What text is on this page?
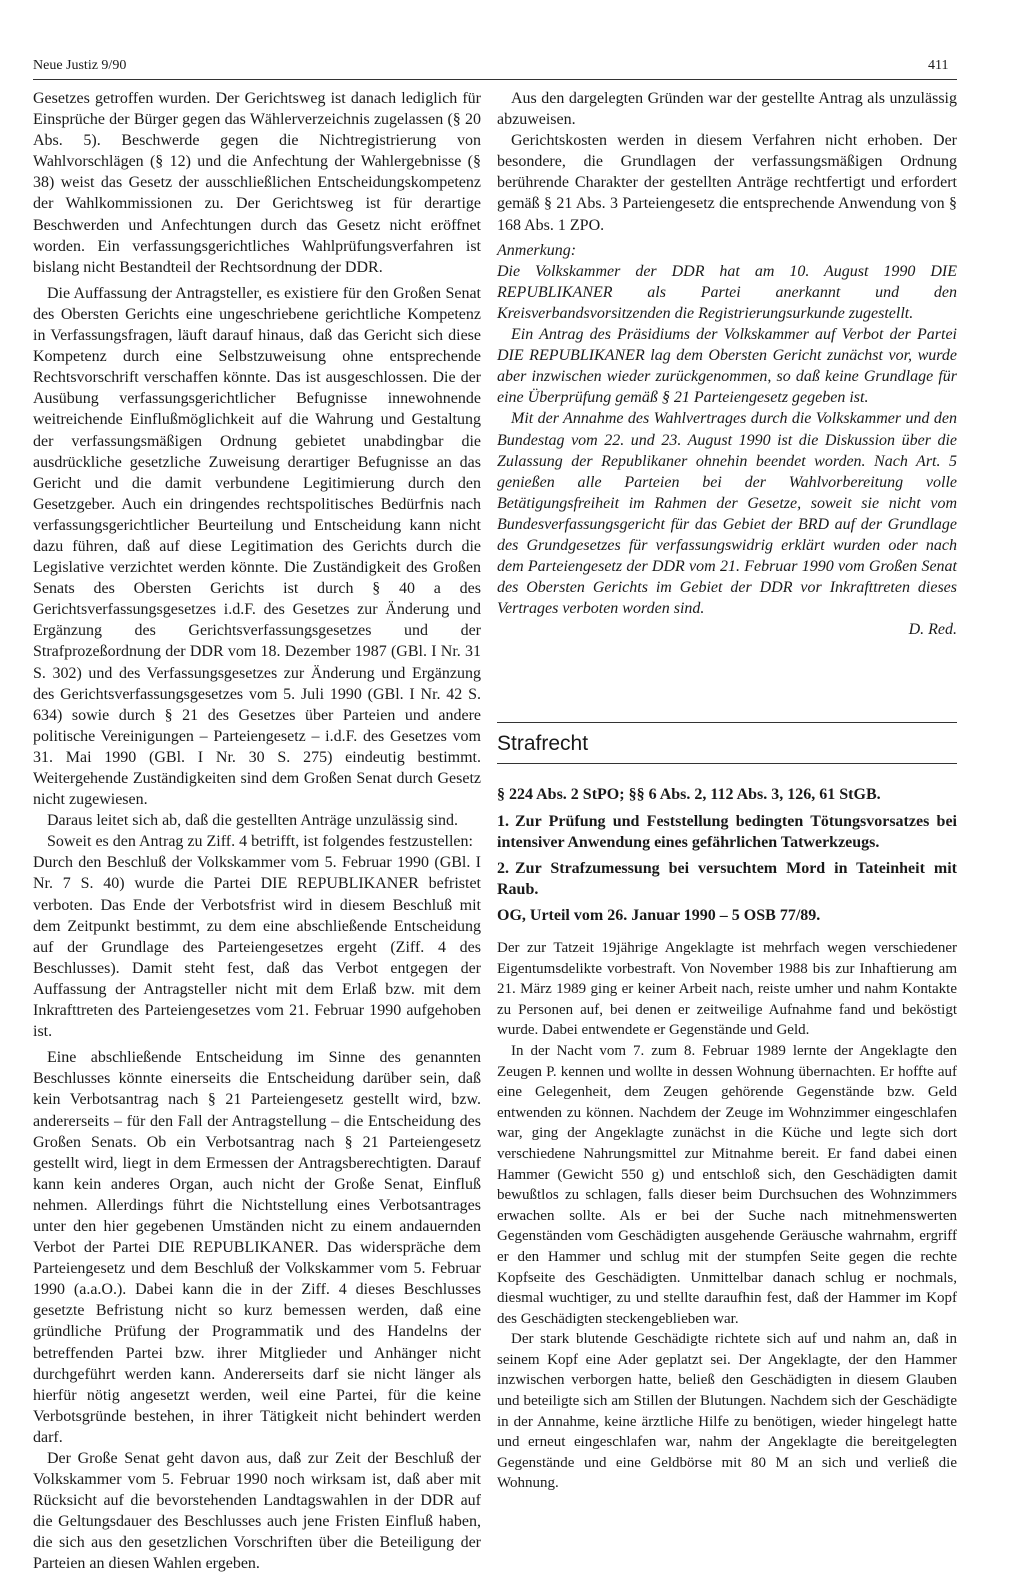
Neue Justiz 9/90	411

Gesetzes getroffen wurden. Der Gerichtsweg ist danach lediglich für Einsprüche der Bürger gegen das Wählerverzeichnis zugelassen (§ 20 Abs. 5). Beschwerde gegen die Nichtregistrierung von Wahlvorschlägen (§ 12) und die Anfechtung der Wahlergebnisse (§ 38) weist das Gesetz der ausschließlichen Entscheidungskompetenz der Wahlkommissionen zu. Der Gerichtsweg ist für derartige Beschwerden und Anfechtungen durch das Gesetz nicht eröffnet worden. Ein verfassungsgerichtliches Wahlprüfungsverfahren ist bislang nicht Bestandteil der Rechtsordnung der DDR.

Die Auffassung der Antragsteller, es existiere für den Großen Senat des Obersten Gerichts eine ungeschriebene gerichtliche Kompetenz in Verfassungsfragen, läuft darauf hinaus, daß das Gericht sich diese Kompetenz durch eine Selbstzuweisung ohne entsprechende Rechtsvorschrift verschaffen könnte. Das ist ausgeschlossen. Die der Ausübung verfassungsgerichtlicher Befugnisse innewohnende weitreichende Einflußmöglichkeit auf die Wahrung und Gestaltung der verfassungsmäßigen Ordnung gebietet unabdingbar die ausdrückliche gesetzliche Zuweisung derartiger Befugnisse an das Gericht und die damit verbundene Legitimierung durch den Gesetzgeber. Auch ein dringendes rechtspolitisches Bedürfnis nach verfassungsgerichtlicher Beurteilung und Entscheidung kann nicht dazu führen, daß auf diese Legitimation des Gerichts durch die Legislative verzichtet werden könnte. Die Zuständigkeit des Großen Senats des Obersten Gerichts ist durch § 40 a des Gerichtsverfassungsgesetzes i.d.F. des Gesetzes zur Änderung und Ergänzung des Gerichtsverfassungsgesetzes und der Strafprozeßordnung der DDR vom 18. Dezember 1987 (GBl. I Nr. 31 S. 302) und des Verfassungsgesetzes zur Änderung und Ergänzung des Gerichtsverfassungsgesetzes vom 5. Juli 1990 (GBl. I Nr. 42 S. 634) sowie durch § 21 des Gesetzes über Parteien und andere politische Vereinigungen – Parteiengesetz – i.d.F. des Gesetzes vom 31. Mai 1990 (GBl. I Nr. 30 S. 275) eindeutig bestimmt. Weitergehende Zuständigkeiten sind dem Großen Senat durch Gesetz nicht zugewiesen.

Daraus leitet sich ab, daß die gestellten Anträge unzulässig sind.

Soweit es den Antrag zu Ziff. 4 betrifft, ist folgendes festzustellen:

Durch den Beschluß der Volkskammer vom 5. Februar 1990 (GBl. I Nr. 7 S. 40) wurde die Partei DIE REPUBLIKANER befristet verboten. Das Ende der Verbotsfrist wird in diesem Beschluß mit dem Zeitpunkt bestimmt, zu dem eine abschließende Entscheidung auf der Grundlage des Parteiengesetzes ergeht (Ziff. 4 des Beschlusses). Damit steht fest, daß das Verbot entgegen der Auffassung der Antragsteller nicht mit dem Erlaß bzw. mit dem Inkrafttreten des Parteiengesetzes vom 21. Februar 1990 aufgehoben ist.

Eine abschließende Entscheidung im Sinne des genannten Beschlusses könnte einerseits die Entscheidung darüber sein, daß kein Verbotsantrag nach § 21 Parteiengesetz gestellt wird, bzw. andererseits – für den Fall der Antragstellung – die Entscheidung des Großen Senats. Ob ein Verbotsantrag nach § 21 Parteiengesetz gestellt wird, liegt in dem Ermessen der Antragsberechtigten. Darauf kann kein anderes Organ, auch nicht der Große Senat, Einfluß nehmen. Allerdings führt die Nichtstellung eines Verbotsantrages unter den hier gegebenen Umständen nicht zu einem andauernden Verbot der Partei DIE REPUBLIKANER. Das widerspräche dem Parteiengesetz und dem Beschluß der Volkskammer vom 5. Februar 1990 (a.a.O.). Dabei kann die in der Ziff. 4 dieses Beschlusses gesetzte Befristung nicht so kurz bemessen werden, daß eine gründliche Prüfung der Programmatik und des Handelns der betreffenden Partei bzw. ihrer Mitglieder und Anhänger nicht durchgeführt werden kann. Andererseits darf sie nicht länger als hierfür nötig angesetzt werden, weil eine Partei, für die keine Verbotsgründe bestehen, in ihrer Tätigkeit nicht behindert werden darf.

Der Große Senat geht davon aus, daß zur Zeit der Beschluß der Volkskammer vom 5. Februar 1990 noch wirksam ist, daß aber mit Rücksicht auf die bevorstehenden Landtagswahlen in der DDR auf die Geltungsdauer des Beschlusses auch jene Fristen Einfluß haben, die sich aus den gesetzlichen Vorschriften über die Beteiligung der Parteien an diesen Wahlen ergeben.

Aus den dargelegten Gründen war der gestellte Antrag als unzulässig abzuweisen.

Gerichtskosten werden in diesem Verfahren nicht erhoben. Der besondere, die Grundlagen der verfassungsmäßigen Ordnung berührende Charakter der gestellten Anträge rechtfertigt und erfordert gemäß § 21 Abs. 3 Parteiengesetz die entsprechende Anwendung von § 168 Abs. 1 ZPO.

Anmerkung:

Die Volkskammer der DDR hat am 10. August 1990 DIE REPUBLIKANER als Partei anerkannt und den Kreisverbandsvorsitzenden die Registrierungsurkunde zugestellt.

Ein Antrag des Präsidiums der Volkskammer auf Verbot der Partei DIE REPUBLIKANER lag dem Obersten Gericht zunächst vor, wurde aber inzwischen wieder zurückgenommen, so daß keine Grundlage für eine Überprüfung gemäß § 21 Parteiengesetz gegeben ist.

Mit der Annahme des Wahlvertrages durch die Volkskammer und den Bundestag vom 22. und 23. August 1990 ist die Diskussion über die Zulassung der Republikaner ohnehin beendet worden. Nach Art. 5 genießen alle Parteien bei der Wahlvorbereitung volle Betätigungsfreiheit im Rahmen der Gesetze, soweit sie nicht vom Bundesverfassungsgericht für das Gebiet der BRD auf der Grundlage des Grundgesetzes für verfassungswidrig erklärt wurden oder nach dem Parteiengesetz der DDR vom 21. Februar 1990 vom Großen Senat des Obersten Gerichts im Gebiet der DDR vor Inkrafttreten dieses Vertrages verboten worden sind.

D. Red.

Strafrecht

§ 224 Abs. 2 StPO; §§ 6 Abs. 2, 112 Abs. 3, 126, 61 StGB.

1. Zur Prüfung und Feststellung bedingten Tötungsvorsatzes bei intensiver Anwendung eines gefährlichen Tatwerkzeugs.

2. Zur Strafzumessung bei versuchtem Mord in Tateinheit mit Raub.

OG, Urteil vom 26. Januar 1990 – 5 OSB 77/89.

Der zur Tatzeit 19jährige Angeklagte ist mehrfach wegen verschiedener Eigentumsdelikte vorbestraft. Von November 1988 bis zur Inhaftierung am 21. März 1989 ging er keiner Arbeit nach, reiste umher und nahm Kontakte zu Personen auf, bei denen er zeitweilige Aufnahme fand und beköstigt wurde. Dabei entwendete er Gegenstände und Geld.

In der Nacht vom 7. zum 8. Februar 1989 lernte der Angeklagte den Zeugen P. kennen und wollte in dessen Wohnung übernachten. Er hoffte auf eine Gelegenheit, dem Zeugen gehörende Gegenstände bzw. Geld entwenden zu können. Nachdem der Zeuge im Wohnzimmer eingeschlafen war, ging der Angeklagte zunächst in die Küche und legte sich dort verschiedene Nahrungsmittel zur Mitnahme bereit. Er fand dabei einen Hammer (Gewicht 550 g) und entschloß sich, den Geschädigten damit bewußtlos zu schlagen, falls dieser beim Durchsuchen des Wohnzimmers erwachen sollte. Als er bei der Suche nach mitnehmenswerten Gegenständen vom Geschädigten ausgehende Geräusche wahrnahm, ergriff er den Hammer und schlug mit der stumpfen Seite gegen die rechte Kopfseite des Geschädigten. Unmittelbar danach schlug er nochmals, diesmal wuchtiger, zu und stellte daraufhin fest, daß der Hammer im Kopf des Geschädigten steckengeblieben war.

Der stark blutende Geschädigte richtete sich auf und nahm an, daß in seinem Kopf eine Ader geplatzt sei. Der Angeklagte, der den Hammer inzwischen verborgen hatte, beließ den Geschädigten in diesem Glauben und beteiligte sich am Stillen der Blutungen. Nachdem sich der Geschädigte in der Annahme, keine ärztliche Hilfe zu benötigen, wieder hingelegt hatte und erneut eingeschlafen war, nahm der Angeklagte die bereitgelegten Gegenstände und eine Geldbörse mit 80 M an sich und verließ die Wohnung.
